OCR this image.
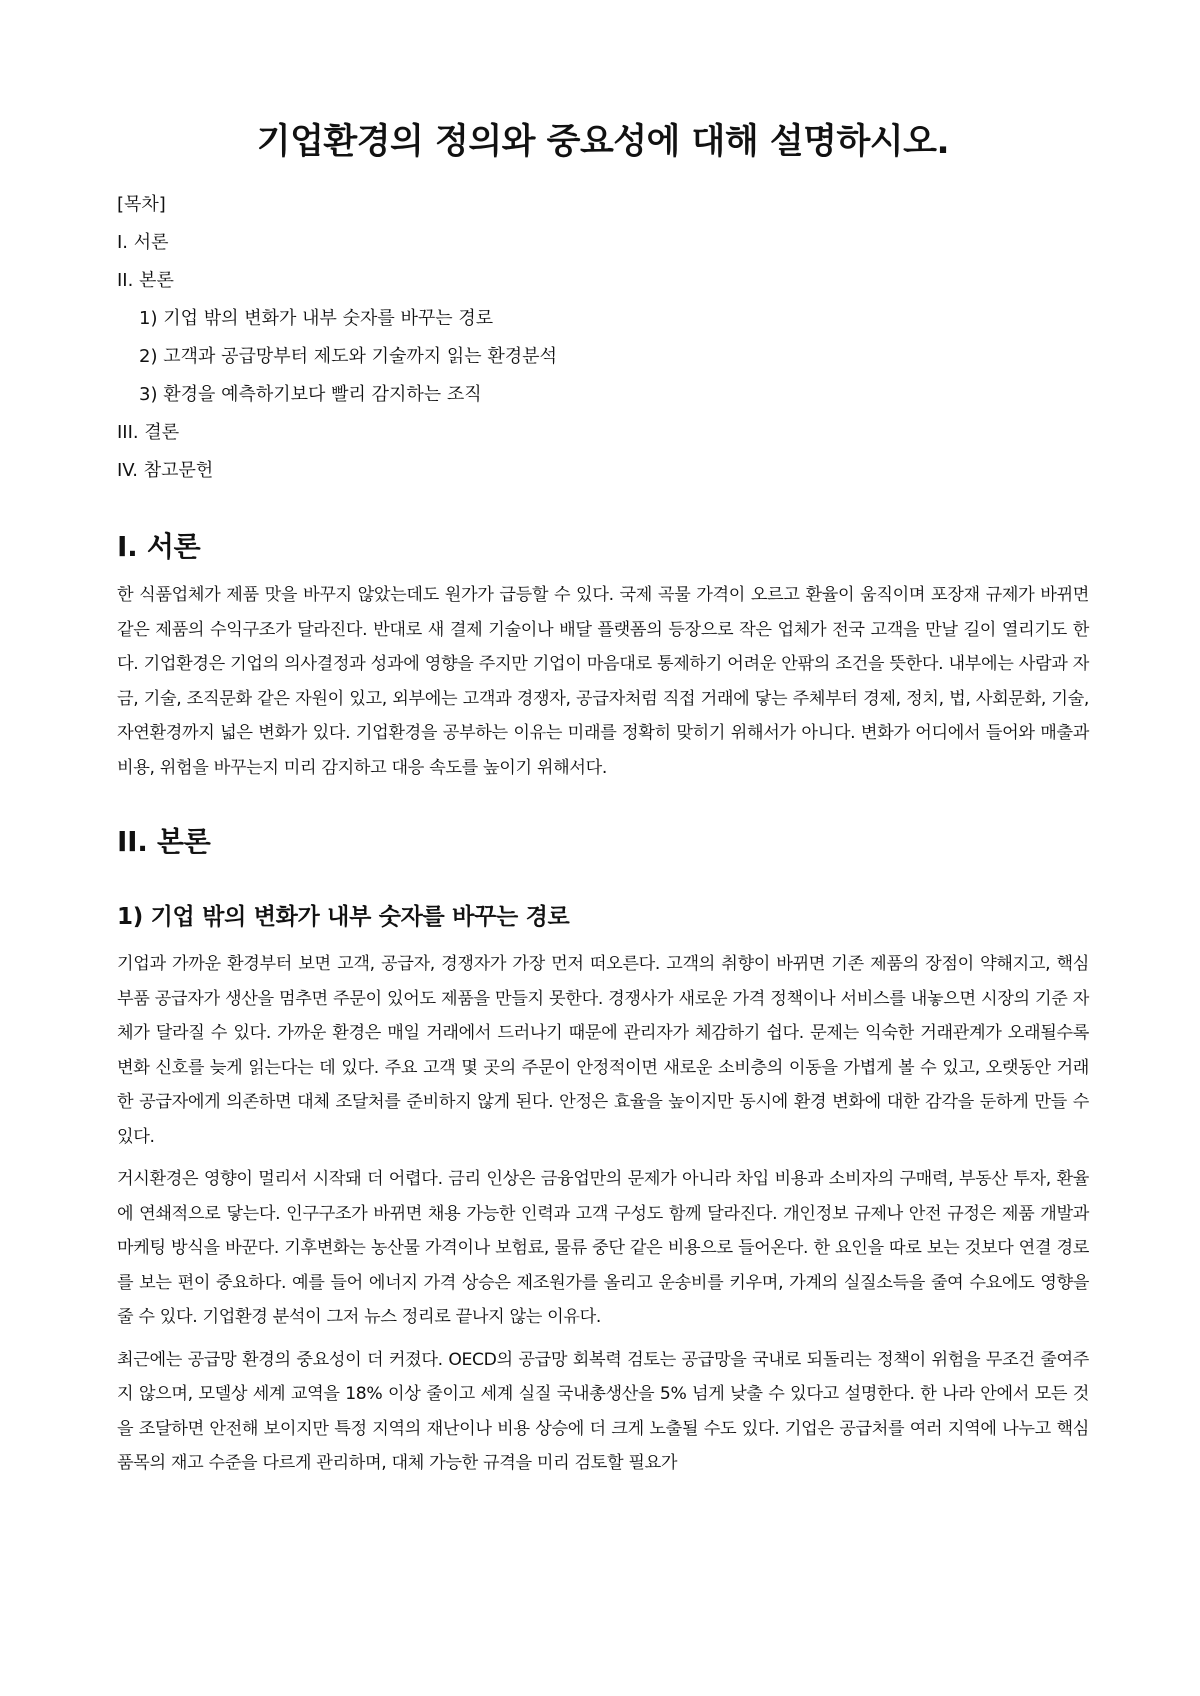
기업환경의 정의와 중요성에 대해 설명하시오.
[목차]
I. 서론
II. 본론
1) 기업 밖의 변화가 내부 숫자를 바꾸는 경로
2) 고객과 공급망부터 제도와 기술까지 읽는 환경분석
3) 환경을 예측하기보다 빨리 감지하는 조직
III. 결론
IV. 참고문헌
I. 서론

한 식품업체가 제품 맛을 바꾸지 않았는데도 원가가 급등할 수 있다. 국제 곡물 가격이 오르고 환율이 움직이며 포장재 규제가 바뀌면 같은 제품의 수익구조가 달라진다. 반대로 새 결제 기술이나 배달 플랫폼의 등장으로 작은 업체가 전국 고객을 만날 길이 열리기도 한다. 기업환경은 기업의 의사결정과 성과에 영향을 주지만 기업이 마음대로 통제하기 어려운 안팎의 조건을 뜻한다. 내부에는 사람과 자금, 기술, 조직문화 같은 자원이 있고, 외부에는 고객과 경쟁자, 공급자처럼 직접 거래에 닿는 주체부터 경제, 정치, 법, 사회문화, 기술, 자연환경까지 넓은 변화가 있다. 기업환경을 공부하는 이유는 미래를 정확히 맞히기 위해서가 아니다. 변화가 어디에서 들어와 매출과 비용, 위험을 바꾸는지 미리 감지하고 대응 속도를 높이기 위해서다.

II. 본론
1) 기업 밖의 변화가 내부 숫자를 바꾸는 경로

기업과 가까운 환경부터 보면 고객, 공급자, 경쟁자가 가장 먼저 떠오른다. 고객의 취향이 바뀌면 기존 제품의 장점이 약해지고, 핵심 부품 공급자가 생산을 멈추면 주문이 있어도 제품을 만들지 못한다. 경쟁사가 새로운 가격 정책이나 서비스를 내놓으면 시장의 기준 자체가 달라질 수 있다. 가까운 환경은 매일 거래에서 드러나기 때문에 관리자가 체감하기 쉽다. 문제는 익숙한 거래관계가 오래될수록 변화 신호를 늦게 읽는다는 데 있다. 주요 고객 몇 곳의 주문이 안정적이면 새로운 소비층의 이동을 가볍게 볼 수 있고, 오랫동안 거래한 공급자에게 의존하면 대체 조달처를 준비하지 않게 된다. 안정은 효율을 높이지만 동시에 환경 변화에 대한 감각을 둔하게 만들 수 있다.

거시환경은 영향이 멀리서 시작돼 더 어렵다. 금리 인상은 금융업만의 문제가 아니라 차입 비용과 소비자의 구매력, 부동산 투자, 환율에 연쇄적으로 닿는다. 인구구조가 바뀌면 채용 가능한 인력과 고객 구성도 함께 달라진다. 개인정보 규제나 안전 규정은 제품 개발과 마케팅 방식을 바꾼다. 기후변화는 농산물 가격이나 보험료, 물류 중단 같은 비용으로 들어온다. 한 요인을 따로 보는 것보다 연결 경로를 보는 편이 중요하다. 예를 들어 에너지 가격 상승은 제조원가를 올리고 운송비를 키우며, 가계의 실질소득을 줄여 수요에도 영향을 줄 수 있다. 기업환경 분석이 그저 뉴스 정리로 끝나지 않는 이유다.

최근에는 공급망 환경의 중요성이 더 커졌다. OECD의 공급망 회복력 검토는 공급망을 국내로 되돌리는 정책이 위험을 무조건 줄여주지 않으며, 모델상 세계 교역을 18% 이상 줄이고 세계 실질 국내총생산을 5% 넘게 낮출 수 있다고 설명한다. 한 나라 안에서 모든 것을 조달하면 안전해 보이지만 특정 지역의 재난이나 비용 상승에 더 크게 노출될 수도 있다. 기업은 공급처를 여러 지역에 나누고 핵심 품목의 재고 수준을 다르게 관리하며, 대체 가능한 규격을 미리 검토할 필요가
